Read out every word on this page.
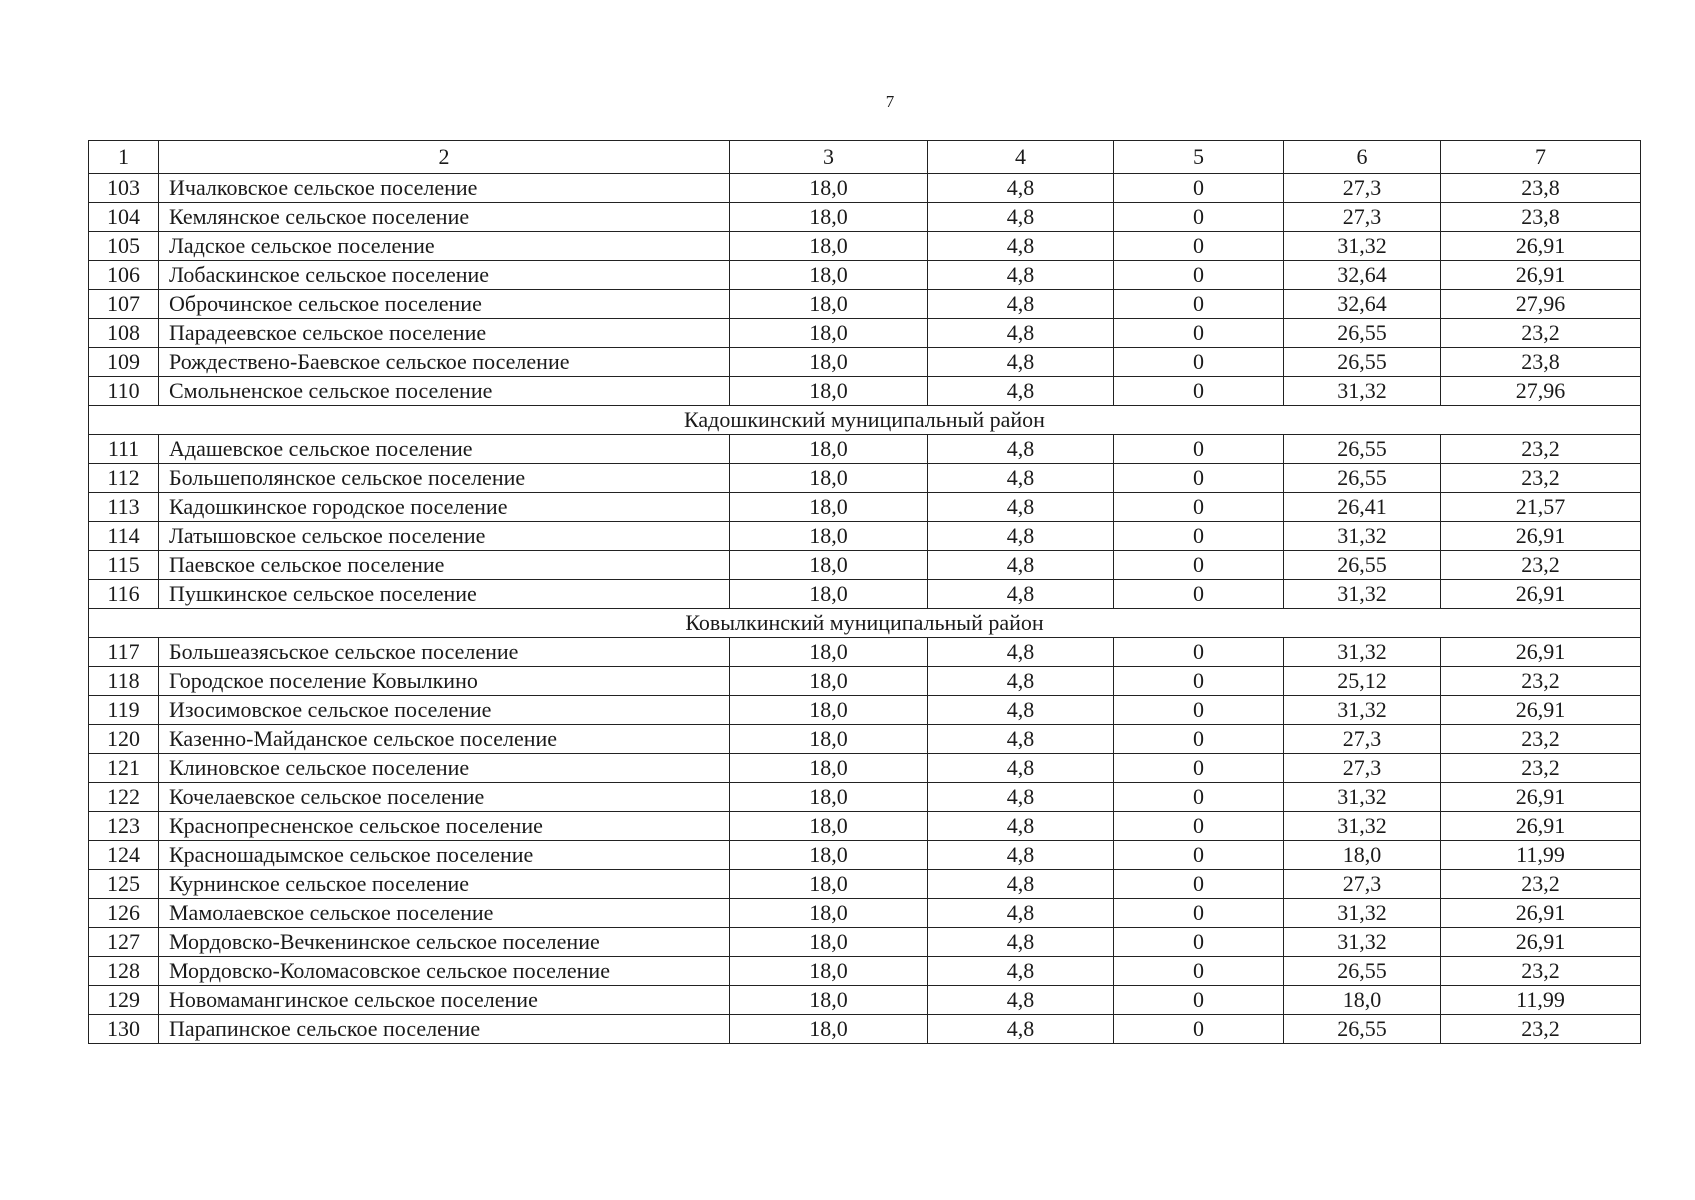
7
1	2	3	4	5	6	7
103	Ичалковское сельское поселение	18,0	4,8	0	27,3	23,8
104	Кемлянское сельское поселение	18,0	4,8	0	27,3	23,8
105	Ладское сельское поселение	18,0	4,8	0	31,32	26,91
106	Лобаскинское сельское поселение	18,0	4,8	0	32,64	26,91
107	Оброчинское сельское поселение	18,0	4,8	0	32,64	27,96
108	Парадеевское сельское поселение	18,0	4,8	0	26,55	23,2
109	Рождествено-Баевское сельское поселение	18,0	4,8	0	26,55	23,8
110	Смольненское сельское поселение	18,0	4,8	0	31,32	27,96
Кадошкинский муниципальный район						
111	Адашевское сельское поселение	18,0	4,8	0	26,55	23,2
112	Большеполянское сельское поселение	18,0	4,8	0	26,55	23,2
113	Кадошкинское городское поселение	18,0	4,8	0	26,41	21,57
114	Латышовское сельское поселение	18,0	4,8	0	31,32	26,91
115	Паевское сельское поселение	18,0	4,8	0	26,55	23,2
116	Пушкинское сельское поселение	18,0	4,8	0	31,32	26,91
Ковылкинский муниципальный район						
117	Большеазясьское сельское поселение	18,0	4,8	0	31,32	26,91
118	Городское поселение Ковылкино	18,0	4,8	0	25,12	23,2
119	Изосимовское сельское поселение	18,0	4,8	0	31,32	26,91
120	Казенно-Майданское сельское поселение	18,0	4,8	0	27,3	23,2
121	Клиновское сельское поселение	18,0	4,8	0	27,3	23,2
122	Кочелаевское сельское поселение	18,0	4,8	0	31,32	26,91
123	Краснопресненское сельское поселение	18,0	4,8	0	31,32	26,91
124	Красношадымское сельское поселение	18,0	4,8	0	18,0	11,99
125	Курнинское сельское поселение	18,0	4,8	0	27,3	23,2
126	Мамолаевское сельское поселение	18,0	4,8	0	31,32	26,91
127	Мордовско-Вечкенинское сельское поселение	18,0	4,8	0	31,32	26,91
128	Мордовско-Коломасовское сельское поселение	18,0	4,8	0	26,55	23,2
129	Новомамангинское сельское поселение	18,0	4,8	0	18,0	11,99
130	Парапинское сельское поселение	18,0	4,8	0	26,55	23,2
